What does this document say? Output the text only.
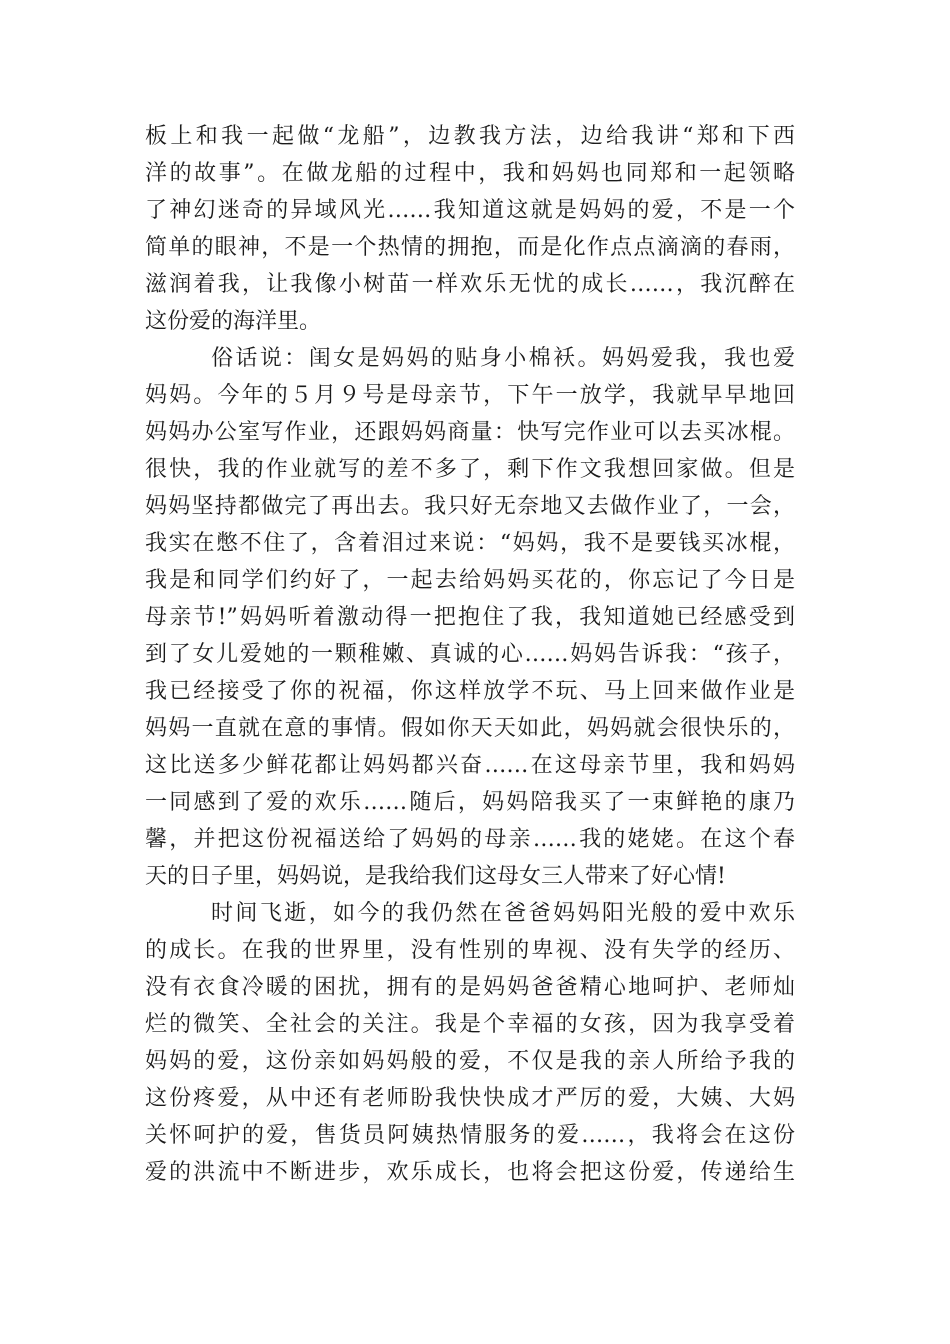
板上和我一起做“龙船”，边教我方法，边给我讲“郑和下西
洋的故事”。在做龙船的过程中，我和妈妈也同郑和一起领略
了神幻迷奇的异域风光……我知道这就是妈妈的爱，不是一个
简单的眼神，不是一个热情的拥抱，而是化作点点滴滴的春雨，
滋润着我，让我像小树苗一样欢乐无忧的成长……，我沉醉在
这份爱的海洋里。
俗话说：闺女是妈妈的贴身小棉袄。妈妈爱我，我也爱
妈妈。今年的５月９号是母亲节，下午一放学，我就早早地回
妈妈办公室写作业，还跟妈妈商量：快写完作业可以去买冰棍。
很快，我的作业就写的差不多了，剩下作文我想回家做。但是
妈妈坚持都做完了再出去。我只好无奈地又去做作业了，一会，
我实在憋不住了，含着泪过来说：“妈妈，我不是要钱买冰棍，
我是和同学们约好了，一起去给妈妈买花的，你忘记了今日是
母亲节!”妈妈听着激动得一把抱住了我，我知道她已经感受到
到了女儿爱她的一颗稚嫩、真诚的心……妈妈告诉我：“孩子，
我已经接受了你的祝福，你这样放学不玩、马上回来做作业是
妈妈一直就在意的事情。假如你天天如此，妈妈就会很快乐的，
这比送多少鲜花都让妈妈都兴奋……在这母亲节里，我和妈妈
一同感到了爱的欢乐……随后，妈妈陪我买了一束鲜艳的康乃
馨，并把这份祝福送给了妈妈的母亲……我的姥姥。在这个春
天的日子里，妈妈说，是我给我们这母女三人带来了好心情!
时间飞逝，如今的我仍然在爸爸妈妈阳光般的爱中欢乐
的成长。在我的世界里，没有性别的卑视、没有失学的经历、
没有衣食冷暖的困扰，拥有的是妈妈爸爸精心地呵护、老师灿
烂的微笑、全社会的关注。我是个幸福的女孩，因为我享受着
妈妈的爱，这份亲如妈妈般的爱，不仅是我的亲人所给予我的
这份疼爱，从中还有老师盼我快快成才严厉的爱，大姨、大妈
关怀呵护的爱，售货员阿姨热情服务的爱……，我将会在这份
爱的洪流中不断进步，欢乐成长，也将会把这份爱，传递给生
